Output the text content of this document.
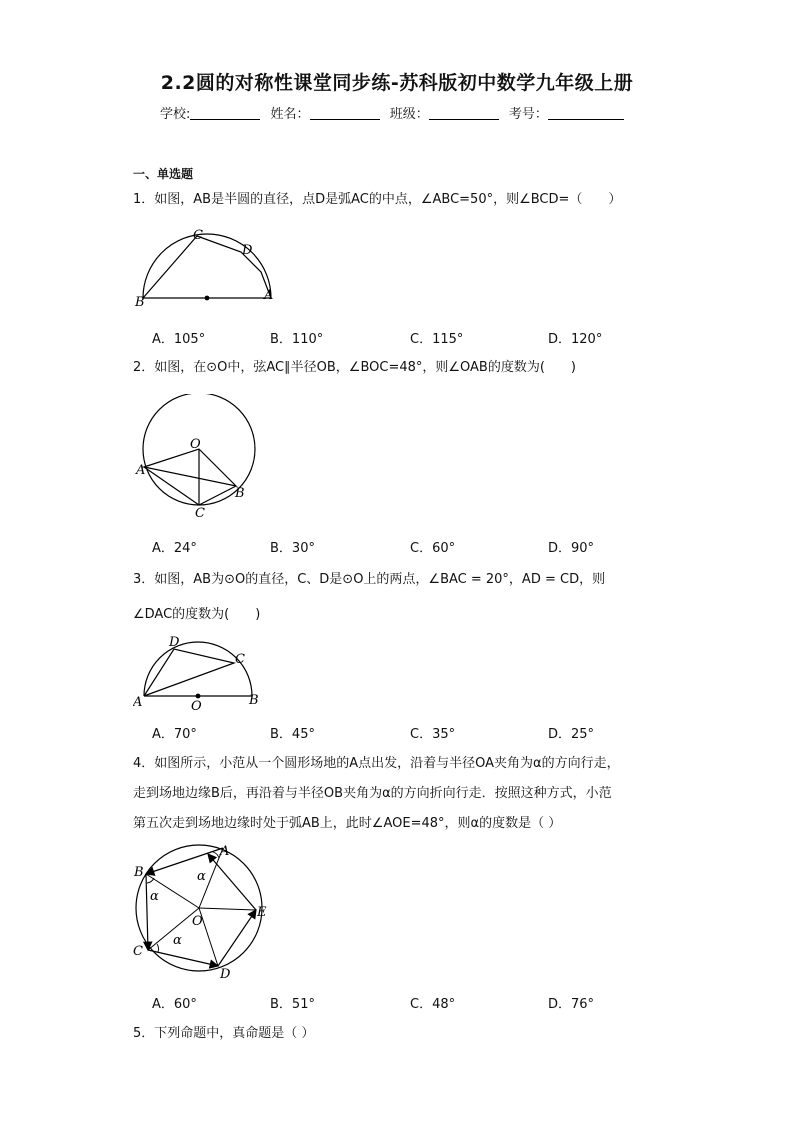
2.2圆的对称性课堂同步练-苏科版初中数学九年级上册
学校:	姓名：	班级：	考号：
一、单选题
1．如图，AB是半圆的直径，点D是弧AC的中点，∠ABC=50°，则∠BCD=（　　）
C
D
B	A
A．105°	B．110°	C．115°	D．120°
2．如图，在⊙O中，弦AC∥半径OB，∠BOC=48°，则∠OAB的度数为(　　)
O
A
B
C
A．24°	B．30°	C．60°	D．90°
3．如图，AB为⊙O的直径，C、D是⊙O上的两点，∠BAC = 20°，AD = CD，则
∠DAC的度数为(　　)
D
C
A	O	B
A．70°	B．45°	C．35°	D．25°
4．如图所示，小范从一个圆形场地的A点出发，沿着与半径OA夹角为α的方向行走，
走到场地边缘B后，再沿着与半径OB夹角为α的方向折向行走．按照这种方式，小范
第五次走到场地边缘时处于弧AB上，此时∠AOE=48°，则α的度数是（ ）
A
B
C
D
E
O
α
α
α
A．60°	B．51°	C．48°	D．76°
5．下列命题中，真命题是（ ）
